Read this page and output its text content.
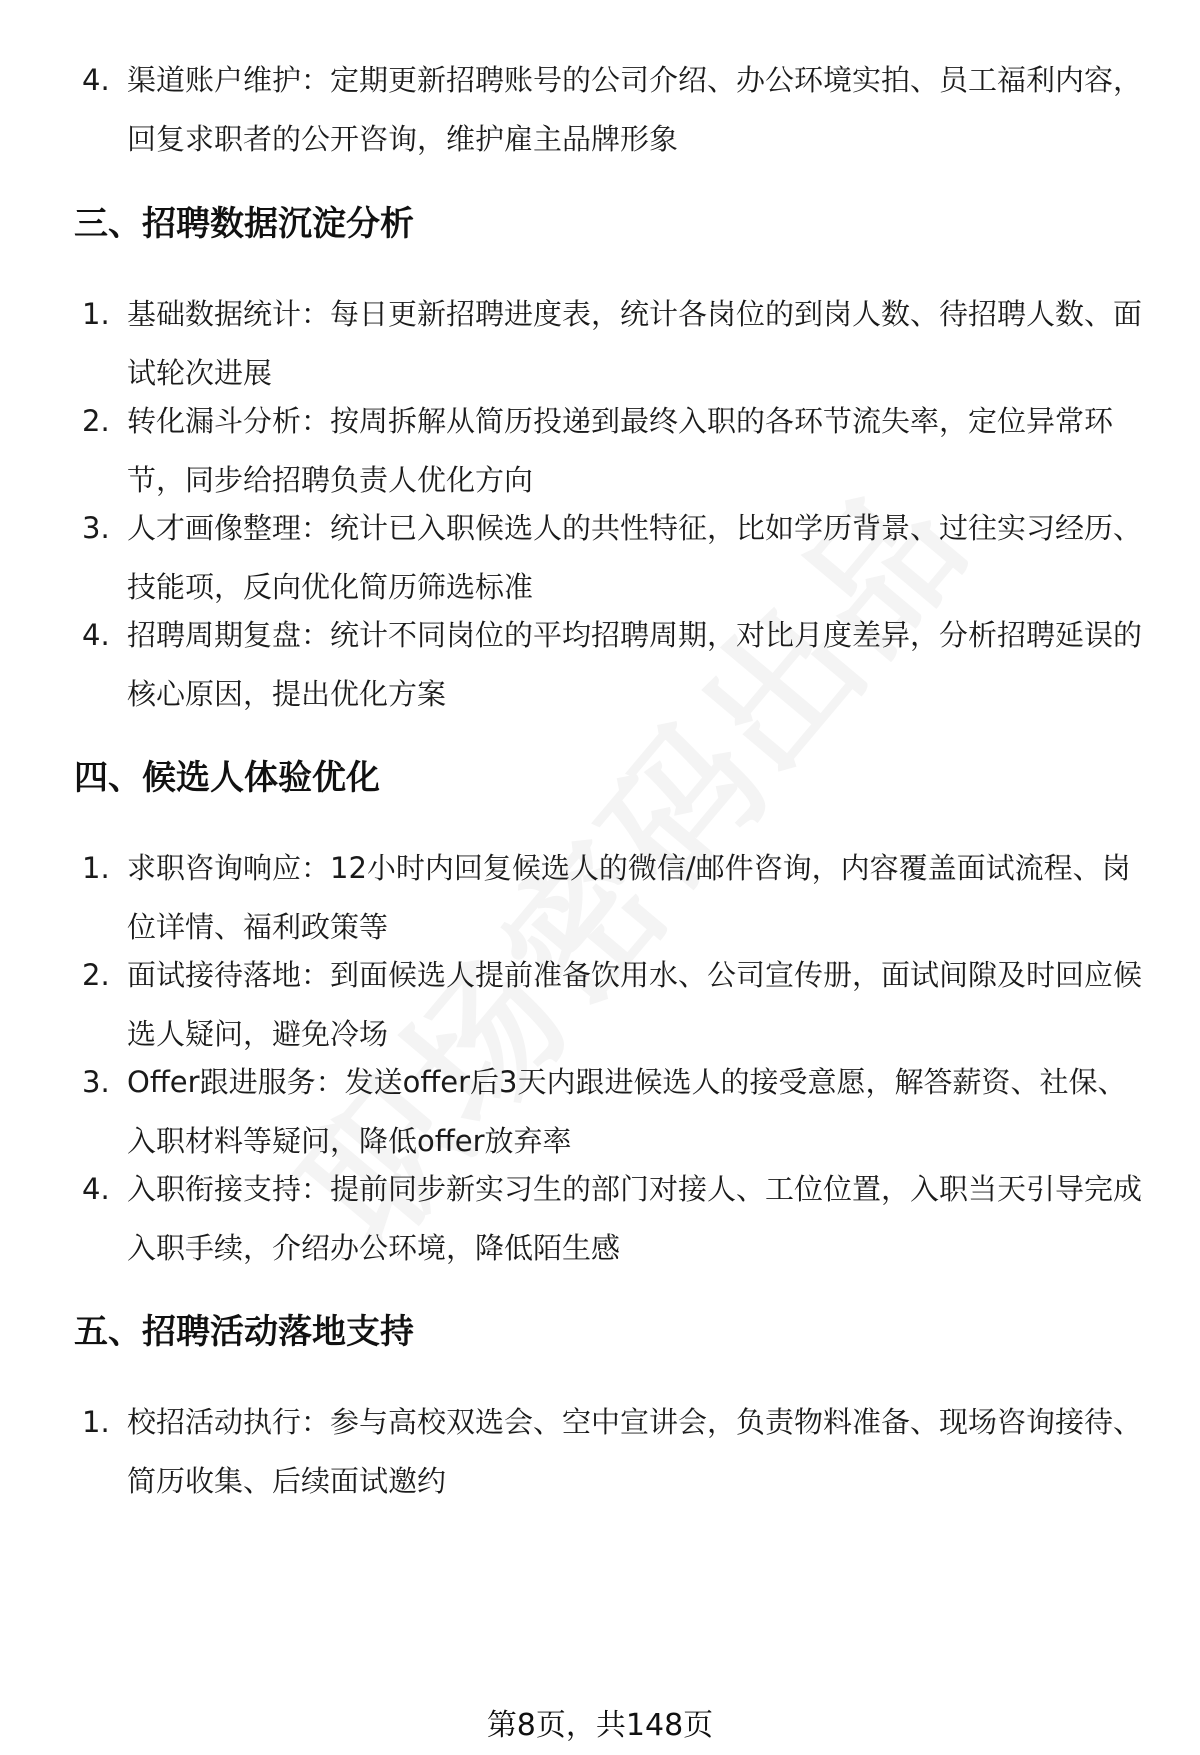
4. 渠道账户维护：定期更新招聘账号的公司介绍、办公环境实拍、员工福利内容，回复求职者的公开咨询，维护雇主品牌形象

三、招聘数据沉淀分析
1. 基础数据统计：每日更新招聘进度表，统计各岗位的到岗人数、待招聘人数、面试轮次进展

2. 转化漏斗分析：按周拆解从简历投递到最终入职的各环节流失率，定位异常环节，同步给招聘负责人优化方向

3. 人才画像整理：统计已入职候选人的共性特征，比如学历背景、过往实习经历、技能项，反向优化简历筛选标准

4. 招聘周期复盘：统计不同岗位的平均招聘周期，对比月度差异，分析招聘延误的核心原因，提出优化方案

四、候选人体验优化
1. 求职咨询响应：12小时内回复候选人的微信/邮件咨询，内容覆盖面试流程、岗位详情、福利政策等

2. 面试接待落地：到面候选人提前准备饮用水、公司宣传册，面试间隙及时回应候选人疑问，避免冷场

3. Offer跟进服务：发送offer后3天内跟进候选人的接受意愿，解答薪资、社保、入职材料等疑问，降低offer放弃率

4. 入职衔接支持：提前同步新实习生的部门对接人、工位位置，入职当天引导完成入职手续，介绍办公环境，降低陌生感

五、招聘活动落地支持
1. 校招活动执行：参与高校双选会、空中宣讲会，负责物料准备、现场咨询接待、简历收集、后续面试邀约

第8页，共148页
